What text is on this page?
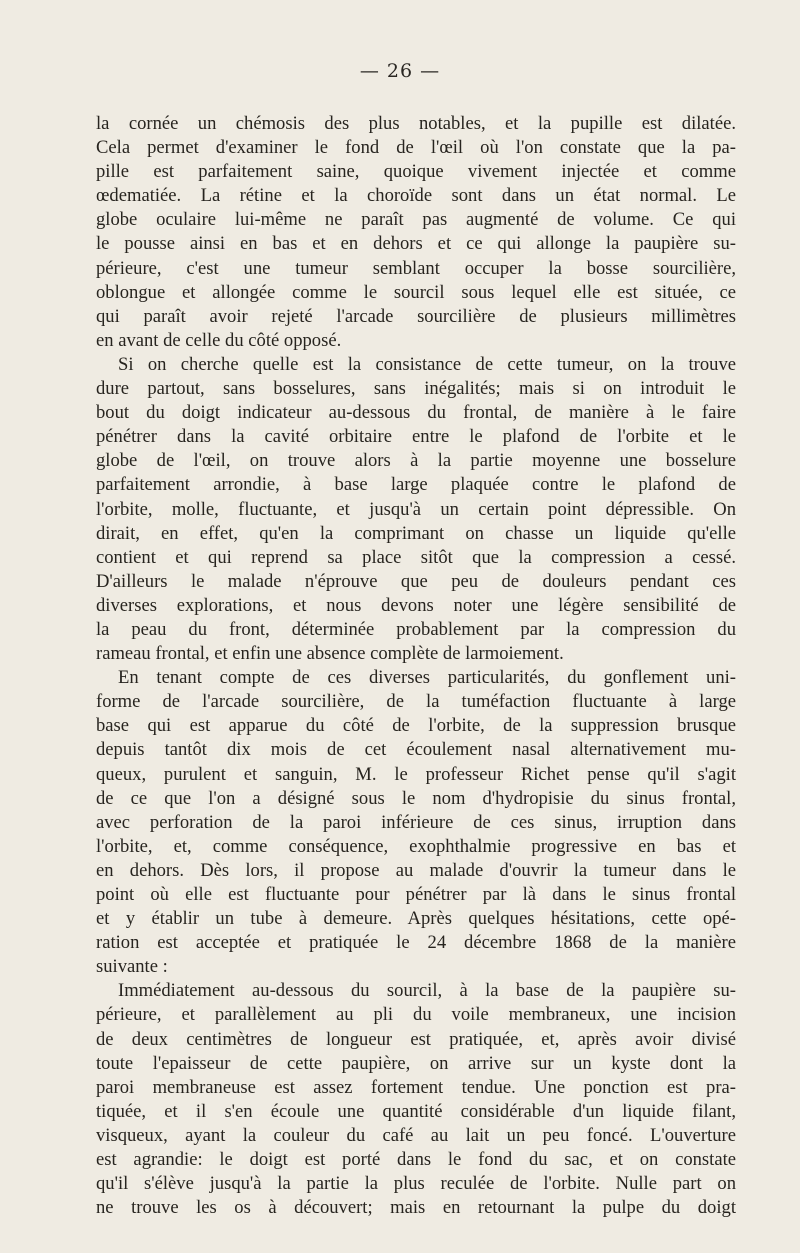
— 26 —
la cornée un chémosis des plus notables, et la pupille est dilatée.
Cela permet d'examiner le fond de l'œil où l'on constate que la pa-
pille est parfaitement saine, quoique vivement injectée et comme
œdematiée. La rétine et la choroïde sont dans un état normal. Le
globe oculaire lui-même ne paraît pas augmenté de volume. Ce qui
le pousse ainsi en bas et en dehors et ce qui allonge la paupière su-
périeure, c'est une tumeur semblant occuper la bosse sourcilière,
oblongue et allongée comme le sourcil sous lequel elle est située, ce
qui paraît avoir rejeté l'arcade sourcilière de plusieurs millimètres
en avant de celle du côté opposé.
Si on cherche quelle est la consistance de cette tumeur, on la trouve
dure partout, sans bosselures, sans inégalités; mais si on introduit le
bout du doigt indicateur au-dessous du frontal, de manière à le faire
pénétrer dans la cavité orbitaire entre le plafond de l'orbite et le
globe de l'œil, on trouve alors à la partie moyenne une bosselure
parfaitement arrondie, à base large plaquée contre le plafond de
l'orbite, molle, fluctuante, et jusqu'à un certain point dépressible. On
dirait, en effet, qu'en la comprimant on chasse un liquide qu'elle
contient et qui reprend sa place sitôt que la compression a cessé.
D'ailleurs le malade n'éprouve que peu de douleurs pendant ces
diverses explorations, et nous devons noter une légère sensibilité de
la peau du front, déterminée probablement par la compression du
rameau frontal, et enfin une absence complète de larmoiement.
En tenant compte de ces diverses particularités, du gonflement uni-
forme de l'arcade sourcilière, de la tuméfaction fluctuante à large
base qui est apparue du côté de l'orbite, de la suppression brusque
depuis tantôt dix mois de cet écoulement nasal alternativement mu-
queux, purulent et sanguin, M. le professeur Richet pense qu'il s'agit
de ce que l'on a désigné sous le nom d'hydropisie du sinus frontal,
avec perforation de la paroi inférieure de ces sinus, irruption dans
l'orbite, et, comme conséquence, exophthalmie progressive en bas et
en dehors. Dès lors, il propose au malade d'ouvrir la tumeur dans le
point où elle est fluctuante pour pénétrer par là dans le sinus frontal
et y établir un tube à demeure. Après quelques hésitations, cette opé-
ration est acceptée et pratiquée le 24 décembre 1868 de la manière
suivante :
Immédiatement au-dessous du sourcil, à la base de la paupière su-
périeure, et parallèlement au pli du voile membraneux, une incision
de deux centimètres de longueur est pratiquée, et, après avoir divisé
toute l'epaisseur de cette paupière, on arrive sur un kyste dont la
paroi membraneuse est assez fortement tendue. Une ponction est pra-
tiquée, et il s'en écoule une quantité considérable d'un liquide filant,
visqueux, ayant la couleur du café au lait un peu foncé. L'ouverture
est agrandie: le doigt est porté dans le fond du sac, et on constate
qu'il s'élève jusqu'à la partie la plus reculée de l'orbite. Nulle part on
ne trouve les os à découvert; mais en retournant la pulpe du doigt
